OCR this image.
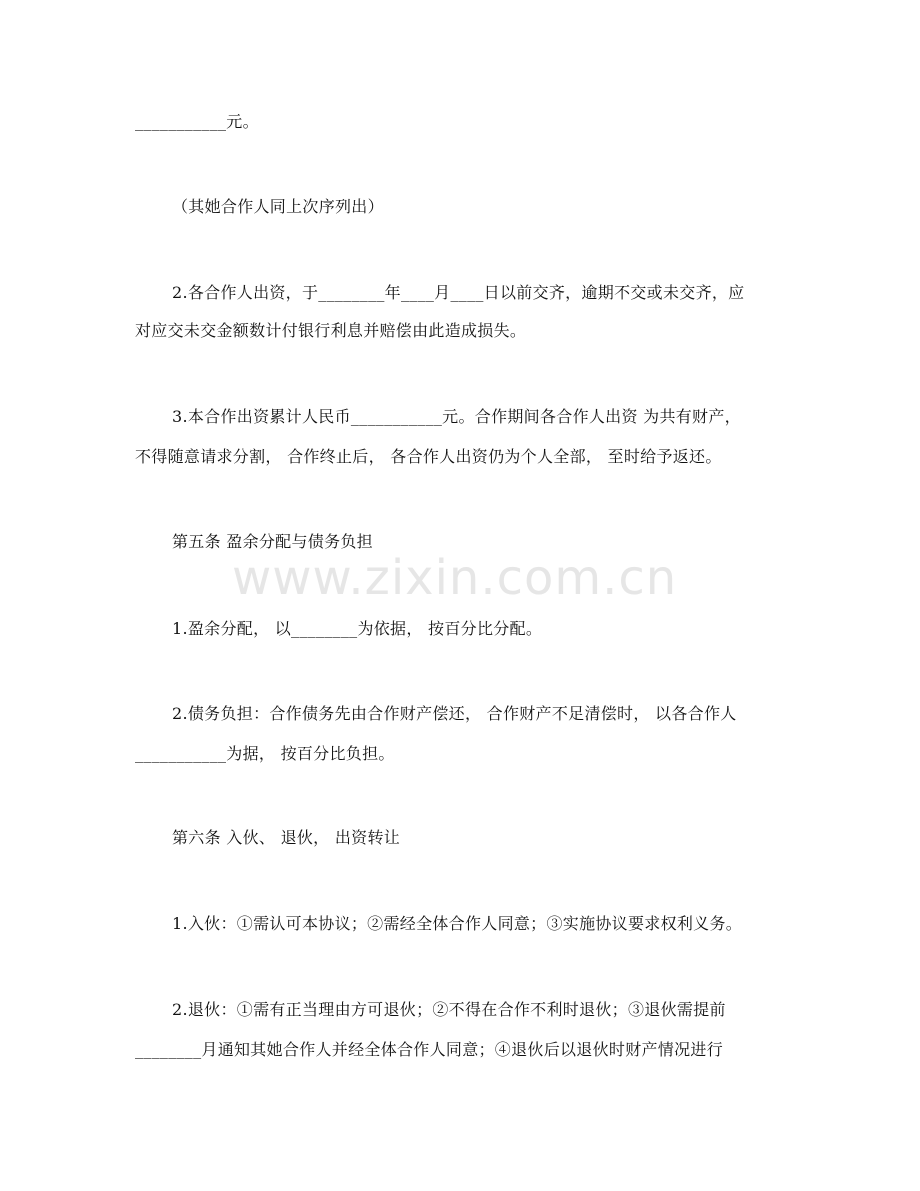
www.zixin.com.cn
___________元。
（其她合作人同上次序列出）
2.各合作人出资，于________年____月____日以前交齐，逾期不交或未交齐，应
对应交未交金额数计付银行利息并赔偿由此造成损失。
3.本合作出资累计人民币___________元。合作期间各合作人出资 为共有财产，
不得随意请求分割， 合作终止后， 各合作人出资仍为个人全部， 至时给予返还。
第五条 盈余分配与债务负担
1.盈余分配， 以________为依据， 按百分比分配。
2.债务负担：合作债务先由合作财产偿还， 合作财产不足清偿时， 以各合作人
___________为据， 按百分比负担。
第六条 入伙、 退伙， 出资转让
1.入伙：①需认可本协议；②需经全体合作人同意；③实施协议要求权利义务。
2.退伙：①需有正当理由方可退伙；②不得在合作不利时退伙；③退伙需提前
________月通知其她合作人并经全体合作人同意；④退伙后以退伙时财产情况进行
